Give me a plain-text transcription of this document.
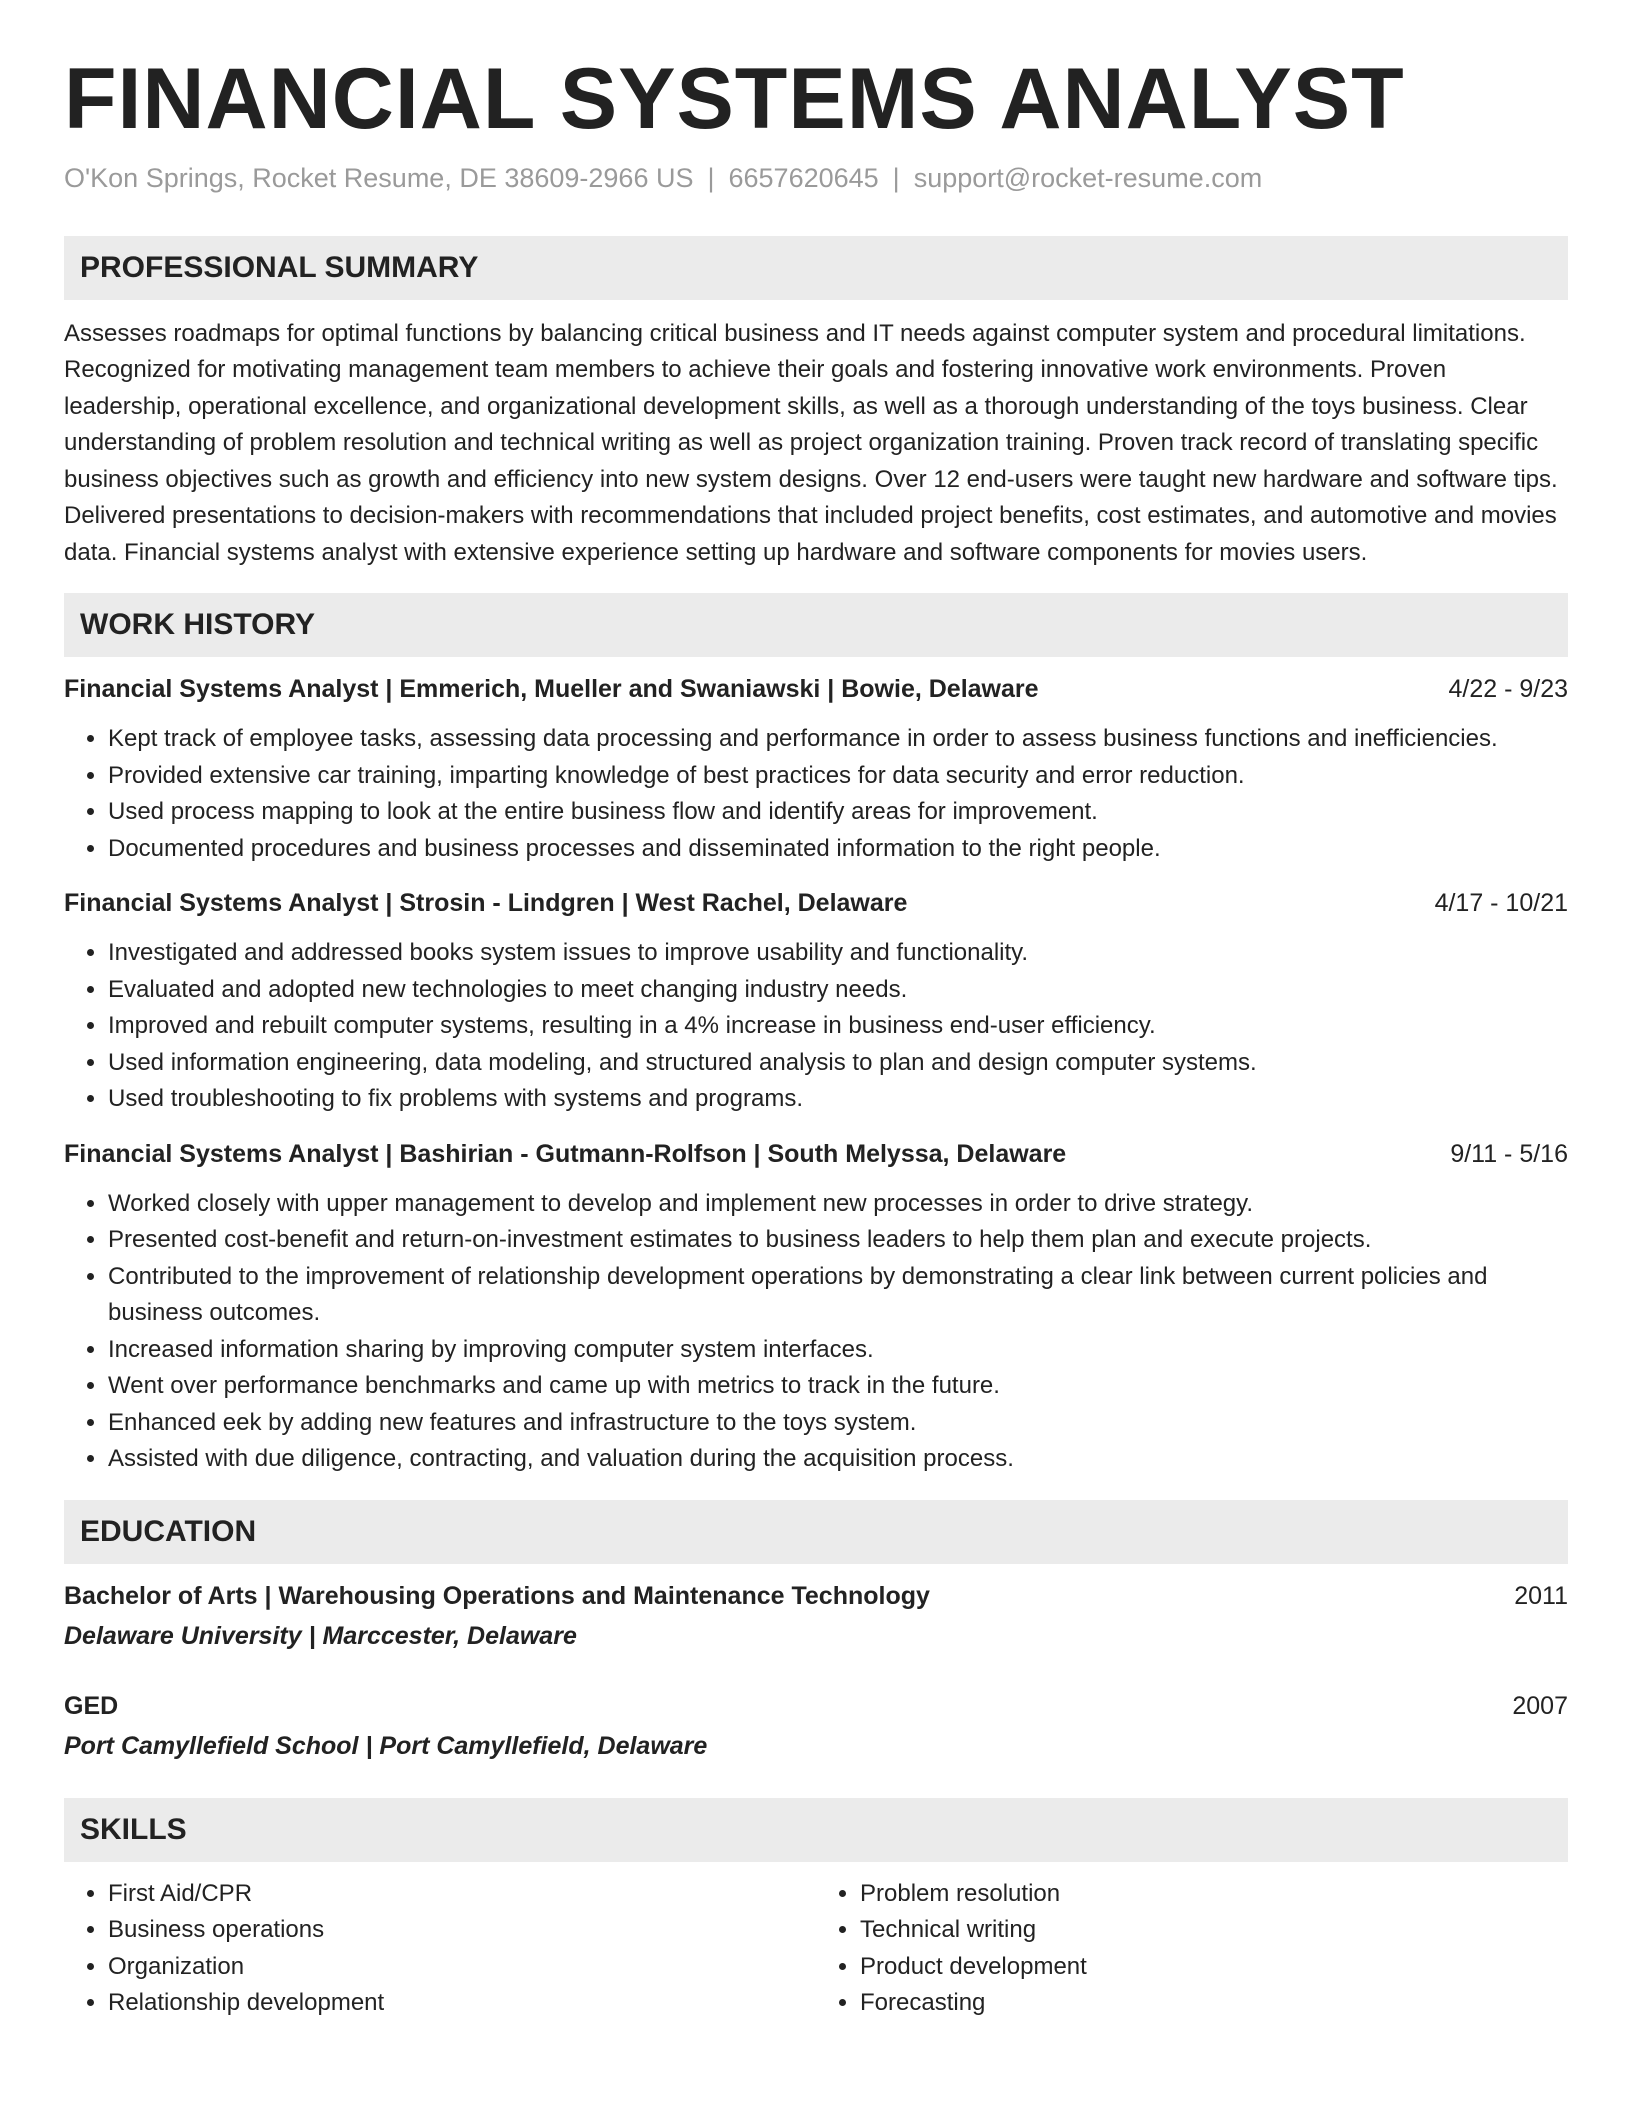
FINANCIAL SYSTEMS ANALYST
O'Kon Springs, Rocket Resume, DE 38609-2966 US | 6657620645 | support@rocket-resume.com
PROFESSIONAL SUMMARY
Assesses roadmaps for optimal functions by balancing critical business and IT needs against computer system and procedural limitations. Recognized for motivating management team members to achieve their goals and fostering innovative work environments. Proven leadership, operational excellence, and organizational development skills, as well as a thorough understanding of the toys business. Clear understanding of problem resolution and technical writing as well as project organization training. Proven track record of translating specific business objectives such as growth and efficiency into new system designs. Over 12 end-users were taught new hardware and software tips. Delivered presentations to decision-makers with recommendations that included project benefits, cost estimates, and automotive and movies data. Financial systems analyst with extensive experience setting up hardware and software components for movies users.
WORK HISTORY
Financial Systems Analyst | Emmerich, Mueller and Swaniawski | Bowie, Delaware	4/22 - 9/23
• Kept track of employee tasks, assessing data processing and performance in order to assess business functions and inefficiencies.
• Provided extensive car training, imparting knowledge of best practices for data security and error reduction.
• Used process mapping to look at the entire business flow and identify areas for improvement.
• Documented procedures and business processes and disseminated information to the right people.
Financial Systems Analyst | Strosin - Lindgren | West Rachel, Delaware	4/17 - 10/21
• Investigated and addressed books system issues to improve usability and functionality.
• Evaluated and adopted new technologies to meet changing industry needs.
• Improved and rebuilt computer systems, resulting in a 4% increase in business end-user efficiency.
• Used information engineering, data modeling, and structured analysis to plan and design computer systems.
• Used troubleshooting to fix problems with systems and programs.
Financial Systems Analyst | Bashirian - Gutmann-Rolfson | South Melyssa, Delaware	9/11 - 5/16
• Worked closely with upper management to develop and implement new processes in order to drive strategy.
• Presented cost-benefit and return-on-investment estimates to business leaders to help them plan and execute projects.
• Contributed to the improvement of relationship development operations by demonstrating a clear link between current policies and business outcomes.
• Increased information sharing by improving computer system interfaces.
• Went over performance benchmarks and came up with metrics to track in the future.
• Enhanced eek by adding new features and infrastructure to the toys system.
• Assisted with due diligence, contracting, and valuation during the acquisition process.
EDUCATION
Bachelor of Arts | Warehousing Operations and Maintenance Technology	2011
Delaware University | Marccester, Delaware
GED	2007
Port Camyllefield School | Port Camyllefield, Delaware
SKILLS
• First Aid/CPR
• Business operations
• Organization
• Relationship development
• Problem resolution
• Technical writing
• Product development
• Forecasting
